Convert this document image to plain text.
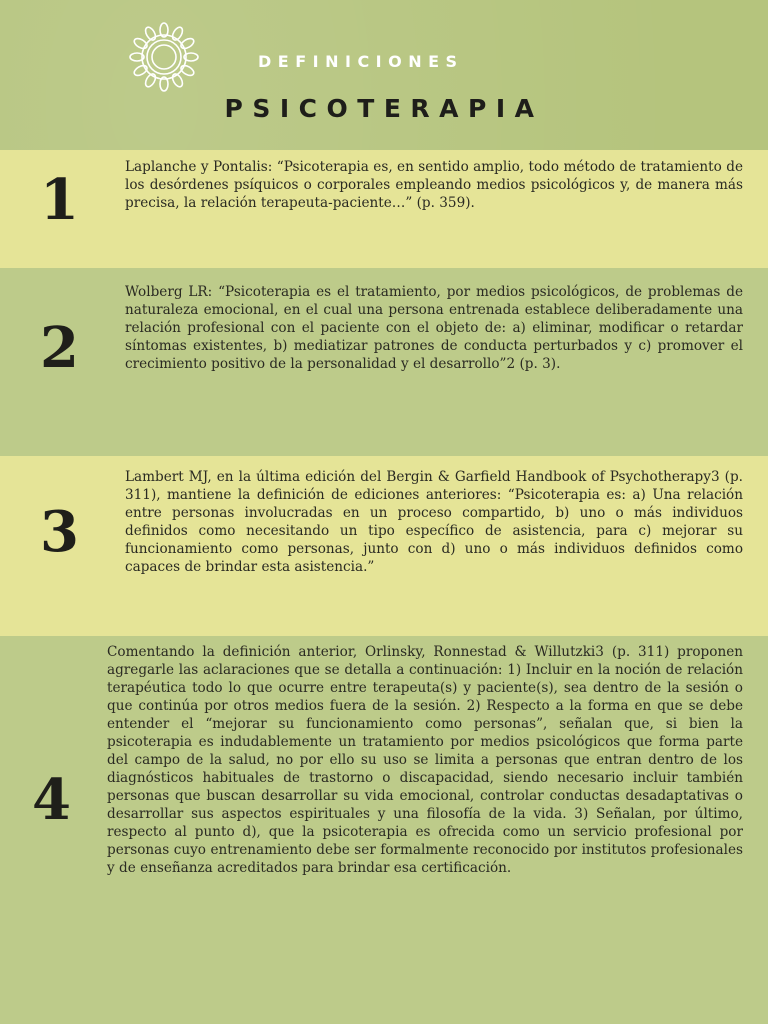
DEFINICIONES
PSICOTERAPIA
1	Laplanche y Pontalis: “Psicoterapia es, en sentido amplio, todo método de tratamiento de los desórdenes psíquicos o corporales empleando medios psicológicos y, de manera más precisa, la relación terapeuta-paciente…” (p. 359).
2
Wolberg LR: “Psicoterapia es el tratamiento, por medios psicológicos, de problemas de naturaleza emocional, en el cual una persona entrenada establece deliberadamente una relación profesional con el paciente con el objeto de: a) eliminar, modificar o retardar síntomas existentes, b) mediatizar patrones de conducta perturbados y c) promover el crecimiento positivo de la personalidad y el desarrollo”2 (p. 3).
3
Lambert MJ, en la última edición del Bergin & Garfield Handbook of Psychotherapy3 (p. 311), mantiene la definición de ediciones anteriores: “Psicoterapia es: a) Una relación entre personas involucradas en un proceso compartido, b) uno o más individuos definidos como necesitando un tipo específico de asistencia, para c) mejorar su funcionamiento como personas, junto con d) uno o más individuos definidos como capaces de brindar esta asistencia.”
4
Comentando la definición anterior, Orlinsky, Ronnestad & Willutzki3 (p. 311) proponen agregarle las aclaraciones que se detalla a continuación: 1) Incluir en la noción de relación terapéutica todo lo que ocurre entre terapeuta(s) y paciente(s), sea dentro de la sesión o que continúa por otros medios fuera de la sesión. 2) Respecto a la forma en que se debe entender el “mejorar su funcionamiento como personas”, señalan que, si bien la psicoterapia es indudablemente un tratamiento por medios psicológicos que forma parte del campo de la salud, no por ello su uso se limita a personas que entran dentro de los diagnósticos habituales de trastorno o discapacidad, siendo necesario incluir también personas que buscan desarrollar su vida emocional, controlar conductas desadaptativas o desarrollar sus aspectos espirituales y una filosofía de la vida. 3) Señalan, por último, respecto al punto d), que la psicoterapia es ofrecida como un servicio profesional por personas cuyo entrenamiento debe ser formalmente reconocido por institutos profesionales y de enseñanza acreditados para brindar esa certificación.
